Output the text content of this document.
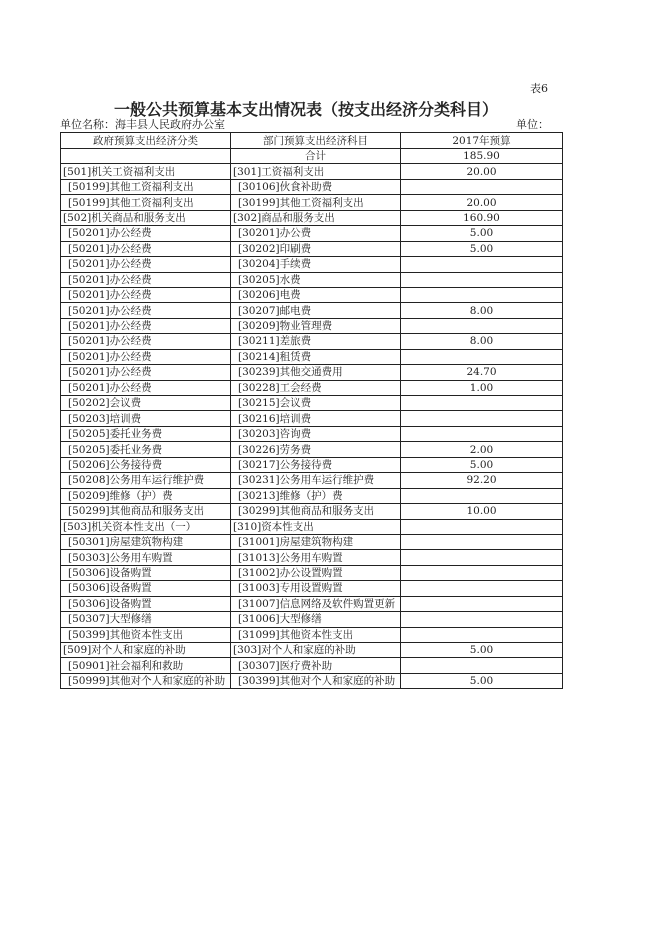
表6
一般公共预算基本支出情况表（按支出经济分类科目）
单位名称：海丰县人民政府办公室	单位：
政府预算支出经济分类	部门预算支出经济科目	2017年预算
	合计	185.90
[501]机关工资福利支出	[301]工资福利支出	20.00
[50199]其他工资福利支出	[30106]伙食补助费	
[50199]其他工资福利支出	[30199]其他工资福利支出	20.00
[502]机关商品和服务支出	[302]商品和服务支出	160.90
[50201]办公经费	[30201]办公费	5.00
[50201]办公经费	[30202]印刷费	5.00
[50201]办公经费	[30204]手续费	
[50201]办公经费	[30205]水费	
[50201]办公经费	[30206]电费	
[50201]办公经费	[30207]邮电费	8.00
[50201]办公经费	[30209]物业管理费	
[50201]办公经费	[30211]差旅费	8.00
[50201]办公经费	[30214]租赁费	
[50201]办公经费	[30239]其他交通费用	24.70
[50201]办公经费	[30228]工会经费	1.00
[50202]会议费	[30215]会议费	
[50203]培训费	[30216]培训费	
[50205]委托业务费	[30203]咨询费	
[50205]委托业务费	[30226]劳务费	2.00
[50206]公务接待费	[30217]公务接待费	5.00
[50208]公务用车运行维护费	[30231]公务用车运行维护费	92.20
[50209]维修（护）费	[30213]维修（护）费	
[50299]其他商品和服务支出	[30299]其他商品和服务支出	10.00
[503]机关资本性支出（一）	[310]资本性支出	
[50301]房屋建筑物构建	[31001]房屋建筑物构建	
[50303]公务用车购置	[31013]公务用车购置	
[50306]设备购置	[31002]办公设置购置	
[50306]设备购置	[31003]专用设置购置	
[50306]设备购置	[31007]信息网络及软件购置更新	
[50307]大型修缮	[31006]大型修缮	
[50399]其他资本性支出	[31099]其他资本性支出	
[509]对个人和家庭的补助	[303]对个人和家庭的补助	5.00
[50901]社会福利和救助	[30307]医疗费补助	
[50999]其他对个人和家庭的补助	[30399]其他对个人和家庭的补助	5.00
